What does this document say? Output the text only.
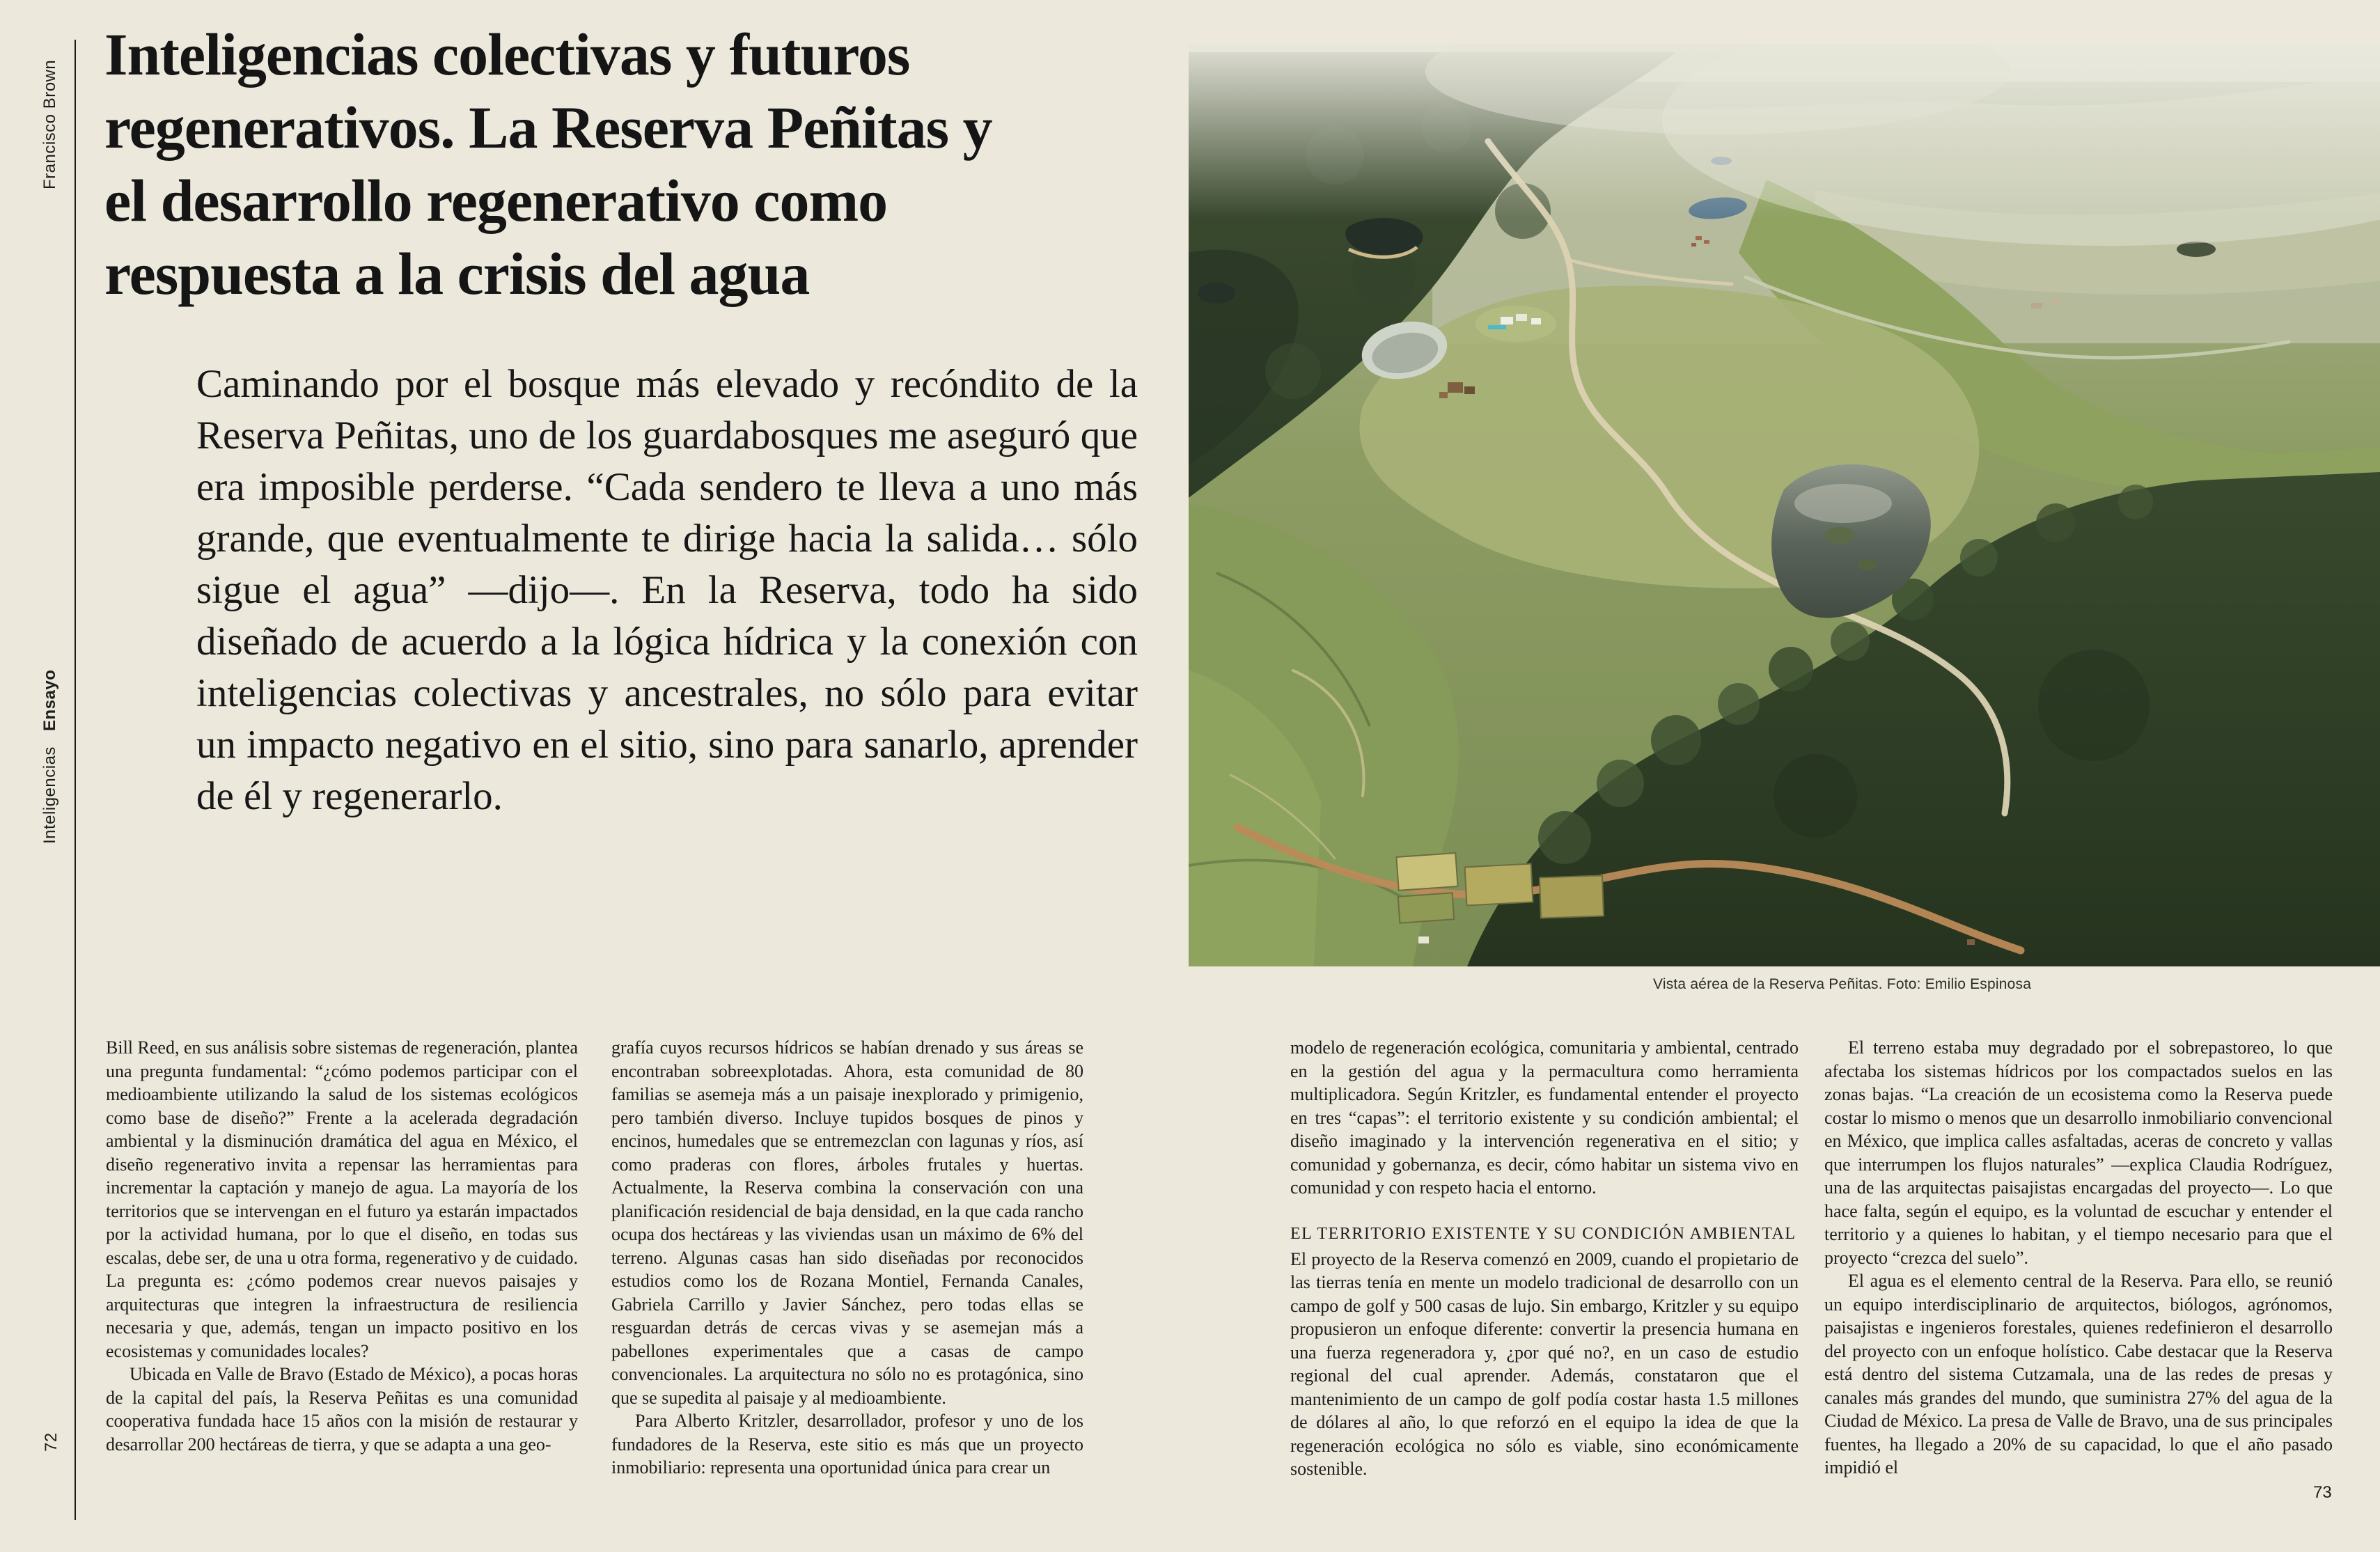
Francisco Brown
Ensayo
Inteligencias
72
Inteligencias colectivas y futuros
regenerativos. La Reserva Peñitas y
el desarrollo regenerativo como
respuesta a la crisis del agua
Caminando por el bosque más elevado y recóndito de la Reserva Peñitas, uno de los guardabosques me aseguró que era imposible perderse. “Cada sendero te lleva a uno más grande, que eventualmente te dirige hacia la salida… sólo sigue el agua” —dijo—. En la Reserva, todo ha sido diseñado de acuerdo a la lógica hídrica y la conexión con inteligencias colectivas y ancestrales, no sólo para evitar un impacto negativo en el sitio, sino para sanarlo, aprender de él y regenerarlo.

Bill Reed, en sus análisis sobre sistemas de regeneración, plantea una pregunta fundamental: “¿cómo podemos participar con el medioambiente utilizando la salud de los sistemas ecológicos como base de diseño?” Frente a la acelerada degradación ambiental y la disminución dramática del agua en México, el diseño regenerativo invita a repensar las herramientas para incrementar la captación y manejo de agua. La mayoría de los territorios que se intervengan en el futuro ya estarán impactados por la actividad humana, por lo que el diseño, en todas sus escalas, debe ser, de una u otra forma, regenerativo y de cuidado. La pregunta es: ¿cómo podemos crear nuevos paisajes y arquitecturas que integren la infraestructura de resiliencia necesaria y que, además, tengan un impacto positivo en los ecosistemas y comunidades locales?

Ubicada en Valle de Bravo (Estado de México), a pocas horas de la capital del país, la Reserva Peñitas es una comunidad cooperativa fundada hace 15 años con la misión de restaurar y desarrollar 200 hectáreas de tierra, y que se adapta a una geo-

grafía cuyos recursos hídricos se habían drenado y sus áreas se encontraban sobreexplotadas. Ahora, esta comunidad de 80 familias se asemeja más a un paisaje inexplorado y primigenio, pero también diverso. Incluye tupidos bosques de pinos y encinos, humedales que se entremezclan con lagunas y ríos, así como praderas con flores, árboles frutales y huertas. Actualmente, la Reserva combina la conservación con una planificación residencial de baja densidad, en la que cada rancho ocupa dos hectáreas y las viviendas usan un máximo de 6% del terreno. Algunas casas han sido diseñadas por reconocidos estudios como los de Rozana Montiel, Fernanda Canales, Gabriela Carrillo y Javier Sánchez, pero todas ellas se resguardan detrás de cercas vivas y se asemejan más a pabellones experimentales que a casas de campo convencionales. La arquitectura no sólo no es protagónica, sino que se supedita al paisaje y al medioambiente.

Para Alberto Kritzler, desarrollador, profesor y uno de los fundadores de la Reserva, este sitio es más que un proyecto inmobiliario: representa una oportunidad única para crear un

modelo de regeneración ecológica, comunitaria y ambiental, centrado en la gestión del agua y la permacultura como herramienta multiplicadora. Según Kritzler, es fundamental entender el proyecto en tres “capas”: el territorio existente y su condición ambiental; el diseño imaginado y la intervención regenerativa en el sitio; y comunidad y gobernanza, es decir, cómo habitar un sistema vivo en comunidad y con respeto hacia el entorno.

EL TERRITORIO EXISTENTE Y SU CONDICIÓN AMBIENTAL

El proyecto de la Reserva comenzó en 2009, cuando el propietario de las tierras tenía en mente un modelo tradicional de desarrollo con un campo de golf y 500 casas de lujo. Sin embargo, Kritzler y su equipo propusieron un enfoque diferente: convertir la presencia humana en una fuerza regeneradora y, ¿por qué no?, en un caso de estudio regional del cual aprender. Además, constataron que el mantenimiento de un campo de golf podía costar hasta 1.5 millones de dólares al año, lo que reforzó en el equipo la idea de que la regeneración ecológica no sólo es viable, sino económicamente sostenible.

El terreno estaba muy degradado por el sobrepastoreo, lo que afectaba los sistemas hídricos por los compactados suelos en las zonas bajas. “La creación de un ecosistema como la Reserva puede costar lo mismo o menos que un desarrollo inmobiliario convencional en México, que implica calles asfaltadas, aceras de concreto y vallas que interrumpen los flujos naturales” —explica Claudia Rodríguez, una de las arquitectas paisajistas encargadas del proyecto—. Lo que hace falta, según el equipo, es la voluntad de escuchar y entender el territorio y a quienes lo habitan, y el tiempo necesario para que el proyecto “crezca del suelo”.

El agua es el elemento central de la Reserva. Para ello, se reunió un equipo interdisciplinario de arquitectos, biólogos, agrónomos, paisajistas e ingenieros forestales, quienes redefinieron el desarrollo del proyecto con un enfoque holístico. Cabe destacar que la Reserva está dentro del sistema Cutzamala, una de las redes de presas y canales más grandes del mundo, que suministra 27% del agua de la Ciudad de México. La presa de Valle de Bravo, una de sus principales fuentes, ha llegado a 20% de su capacidad, lo que el año pasado impidió el

Vista aérea de la Reserva Peñitas. Foto: Emilio Espinosa
73
